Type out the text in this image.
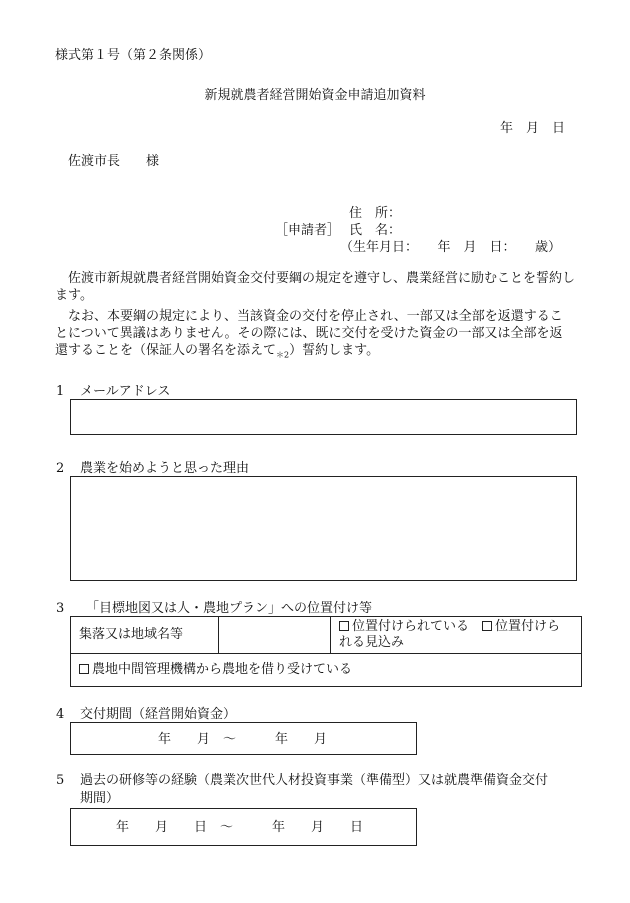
様式第１号（第２条関係）
新規就農者経営開始資金申請追加資料
年　月　日
佐渡市長　　様
住　所：
［申請者］ 氏　名：
（生年月日：　　年　月　日：　　歳）
佐渡市新規就農者経営開始資金交付要綱の規定を遵守し、農業経営に励むことを誓約します。
なお、本要綱の規定により、当該資金の交付を停止され、一部又は全部を返還することについて異議はありません。その際には、既に交付を受けた資金の一部又は全部を返還することを（保証人の署名を添えて$_{*2}$）誓約します。
1 メールアドレス
2 農業を始めようと思った理由
3 「目標地図又は人・農地プラン」への位置付け等
集落又は地域名等		位置付けられている　 位置付けられる見込み
農地中間管理機構から農地を借り受けている
4 交付期間（経営開始資金）
年　　月　～　　　年　　月
5 過去の研修等の経験（農業次世代人材投資事業（準備型）又は就農準備資金交付
期間）
年　　月　　日　～　　　年　　月　　日
